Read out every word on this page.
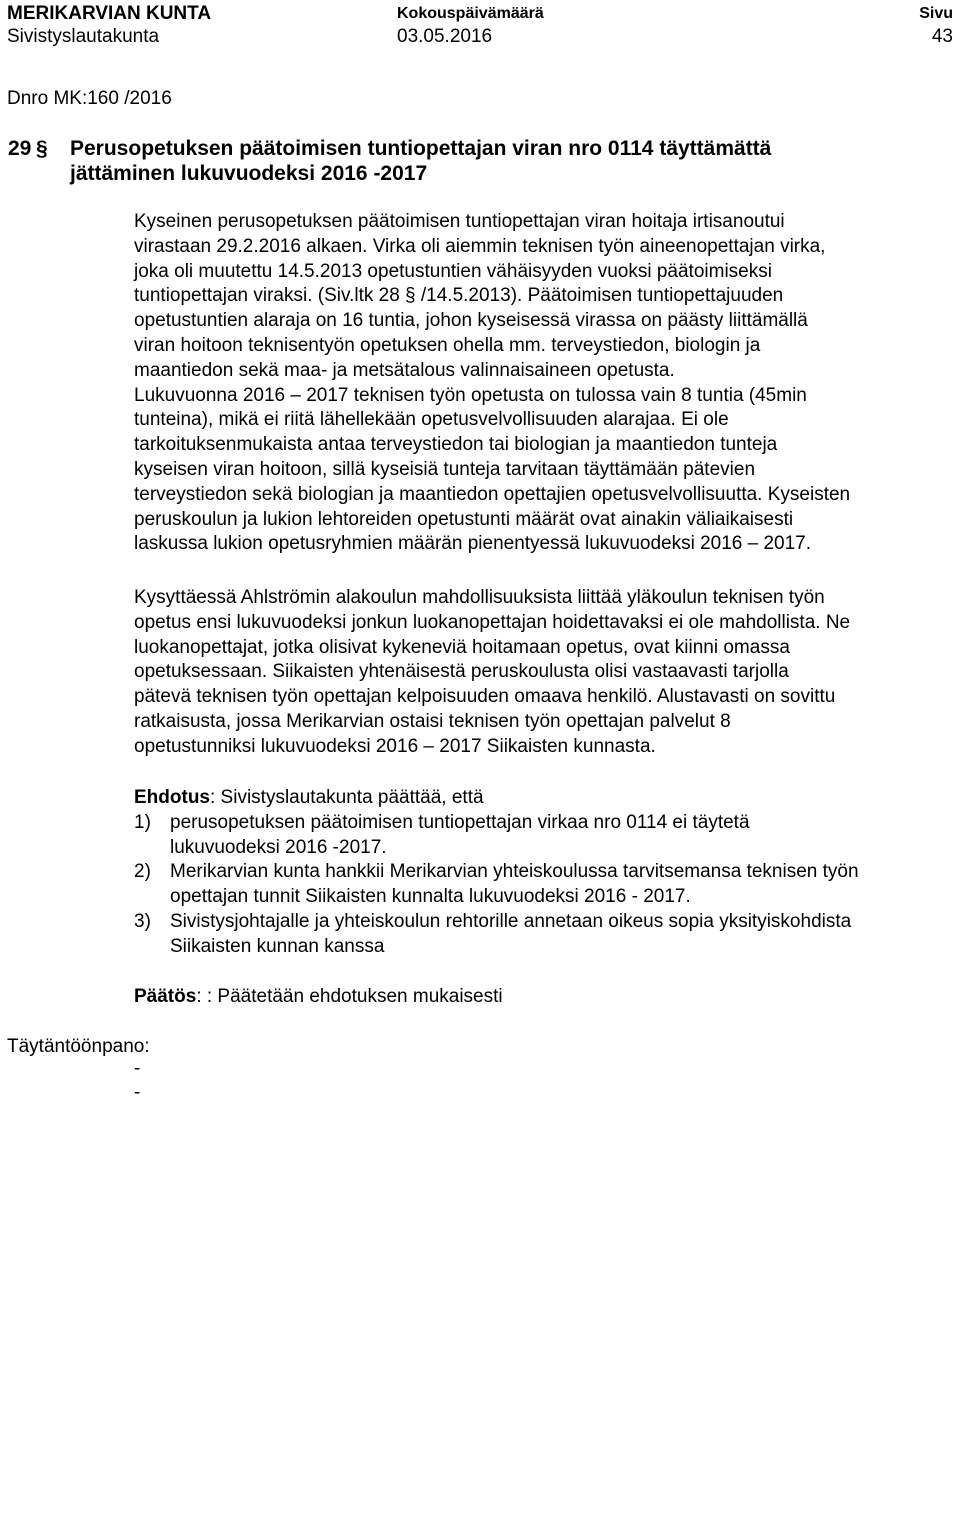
MERIKARVIAN KUNTA
Sivistyslautakunta
Kokouspäivämäärä
03.05.2016
Sivu
43
Dnro MK:160 /2016
29 § Perusopetuksen päätoimisen tuntiopettajan viran nro 0114 täyttämättä
jättäminen lukuvuodeksi 2016 -2017
Kyseinen perusopetuksen päätoimisen tuntiopettajan viran hoitaja irtisanoutui
virastaan 29.2.2016 alkaen. Virka oli aiemmin teknisen työn aineenopettajan virka,
joka oli muutettu 14.5.2013 opetustuntien vähäisyyden vuoksi päätoimiseksi
tuntiopettajan viraksi. (Siv.ltk 28 § /14.5.2013). Päätoimisen tuntiopettajuuden
opetustuntien alaraja on 16 tuntia, johon kyseisessä virassa on päästy liittämällä
viran hoitoon teknisentyön opetuksen ohella mm. terveystiedon, biologin ja
maantiedon sekä maa- ja metsätalous valinnaisaineen opetusta.
Lukuvuonna 2016 – 2017 teknisen työn opetusta on tulossa vain 8 tuntia (45min
tunteina), mikä ei riitä lähellekään opetusvelvollisuuden alarajaa. Ei ole
tarkoituksenmukaista antaa terveystiedon tai biologian ja maantiedon tunteja
kyseisen viran hoitoon, sillä kyseisiä tunteja tarvitaan täyttämään pätevien
terveystiedon sekä biologian ja maantiedon opettajien opetusvelvollisuutta. Kyseisten
peruskoulun ja lukion lehtoreiden opetustunti määrät ovat ainakin väliaikaisesti
laskussa lukion opetusryhmien määrän pienentyessä lukuvuodeksi 2016 – 2017.
Kysyttäessä Ahlströmin alakoulun mahdollisuuksista liittää yläkoulun teknisen työn
opetus ensi lukuvuodeksi jonkun luokanopettajan hoidettavaksi ei ole mahdollista. Ne
luokanopettajat, jotka olisivat kykeneviä hoitamaan opetus, ovat kiinni omassa
opetuksessaan. Siikaisten yhtenäisestä peruskoulusta olisi vastaavasti tarjolla
pätevä teknisen työn opettajan kelpoisuuden omaava henkilö. Alustavasti on sovittu
ratkaisusta, jossa Merikarvian ostaisi teknisen työn opettajan palvelut 8
opetustunniksi lukuvuodeksi 2016 – 2017 Siikaisten kunnasta.
Ehdotus: Sivistyslautakunta päättää, että
1) perusopetuksen päätoimisen tuntiopettajan virkaa nro 0114 ei täytetä
lukuvuodeksi 2016 -2017.
2) Merikarvian kunta hankkii Merikarvian yhteiskoulussa tarvitsemansa teknisen työn
opettajan tunnit Siikaisten kunnalta lukuvuodeksi 2016 - 2017.
3) Sivistysjohtajalle ja yhteiskoulun rehtorille annetaan oikeus sopia yksityiskohdista
Siikaisten kunnan kanssa
Päätös: : Päätetään ehdotuksen mukaisesti
Täytäntöönpano:
-
-
